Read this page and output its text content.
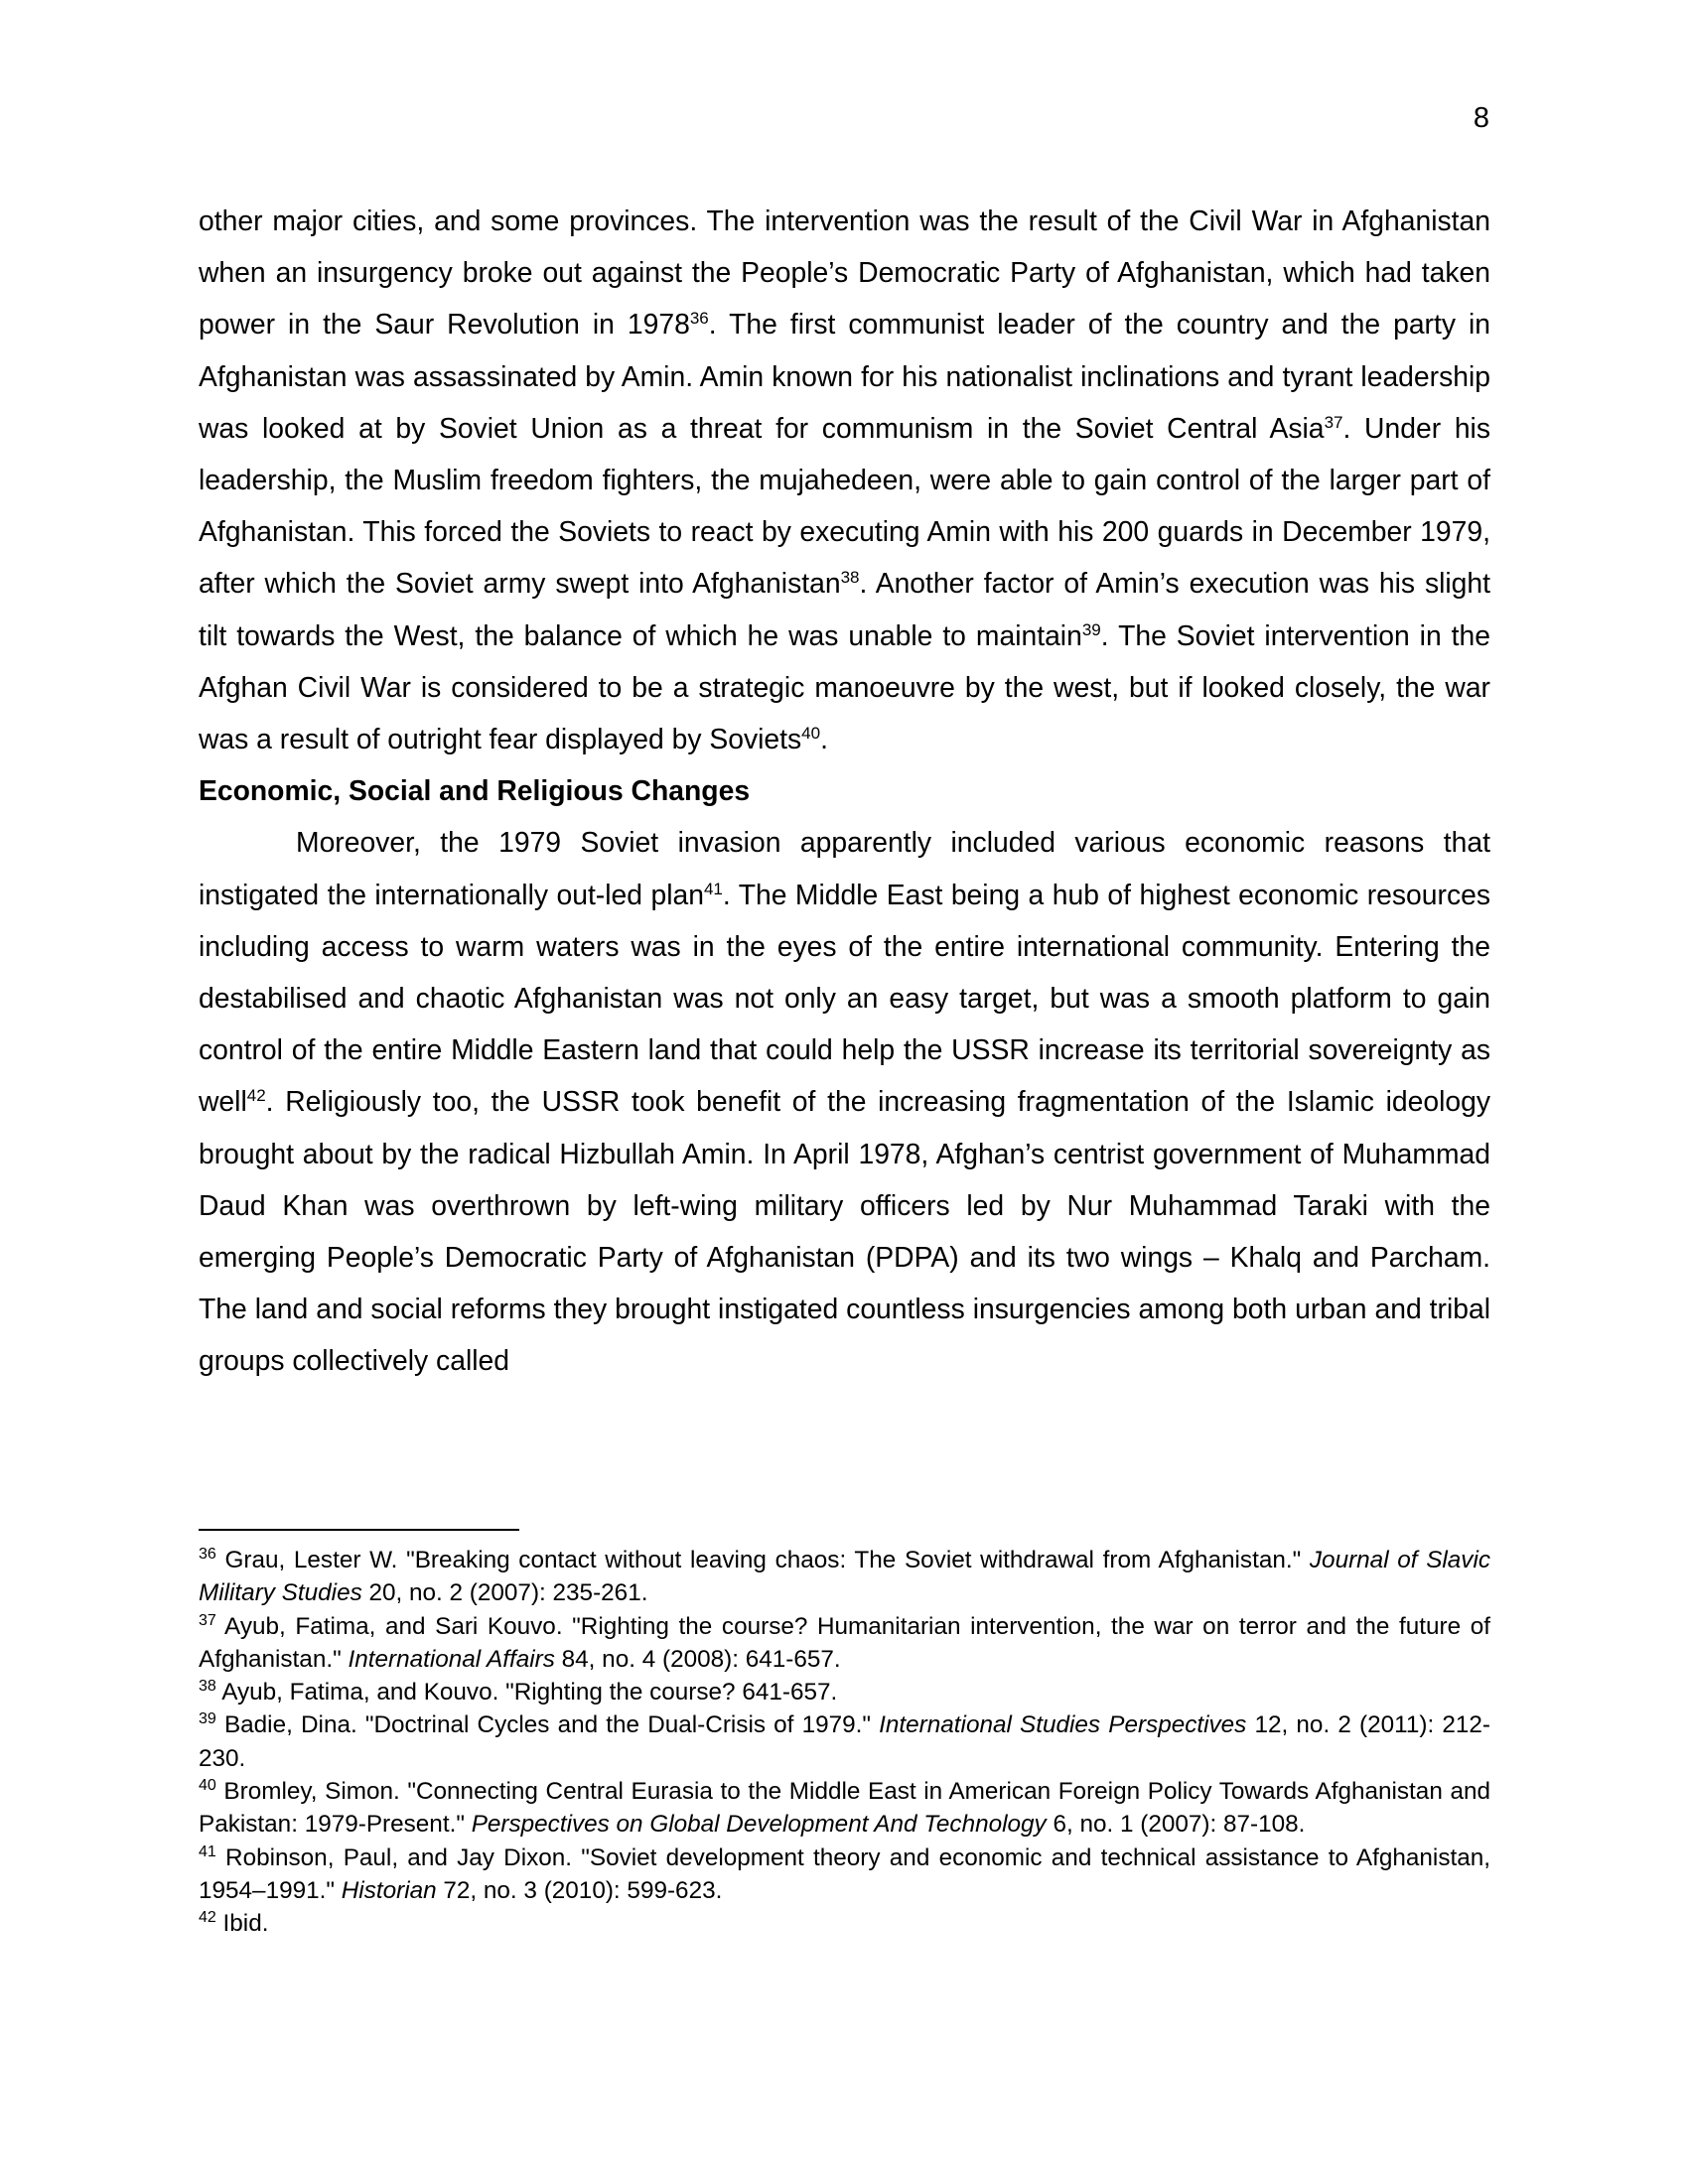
8

other major cities, and some provinces. The intervention was the result of the Civil War in Afghanistan when an insurgency broke out against the People’s Democratic Party of Afghanistan, which had taken power in the Saur Revolution in 1978$^{36}$. The first communist leader of the country and the party in Afghanistan was assassinated by Amin. Amin known for his nationalist inclinations and tyrant leadership was looked at by Soviet Union as a threat for communism in the Soviet Central Asia$^{37}$. Under his leadership, the Muslim freedom fighters, the mujahedeen, were able to gain control of the larger part of Afghanistan. This forced the Soviets to react by executing Amin with his 200 guards in December 1979, after which the Soviet army swept into Afghanistan$^{38}$. Another factor of Amin’s execution was his slight tilt towards the West, the balance of which he was unable to maintain$^{39}$. The Soviet intervention in the Afghan Civil War is considered to be a strategic manoeuvre by the west, but if looked closely, the war was a result of outright fear displayed by Soviets$^{40}$.

Economic, Social and Religious Changes

Moreover, the 1979 Soviet invasion apparently included various economic reasons that instigated the internationally out-led plan$^{41}$. The Middle East being a hub of highest economic resources including access to warm waters was in the eyes of the entire international community. Entering the destabilised and chaotic Afghanistan was not only an easy target, but was a smooth platform to gain control of the entire Middle Eastern land that could help the USSR increase its territorial sovereignty as well$^{42}$. Religiously too, the USSR took benefit of the increasing fragmentation of the Islamic ideology brought about by the radical Hizbullah Amin. In April 1978, Afghan’s centrist government of Muhammad Daud Khan was overthrown by left-wing military officers led by Nur Muhammad Taraki with the emerging People’s Democratic Party of Afghanistan (PDPA) and its two wings – Khalq and Parcham. The land and social reforms they brought instigated countless insurgencies among both urban and tribal groups collectively called

$^{36}$ Grau, Lester W. "Breaking contact without leaving chaos: The Soviet withdrawal from Afghanistan." Journal of Slavic Military Studies 20, no. 2 (2007): 235-261.

$^{37}$ Ayub, Fatima, and Sari Kouvo. "Righting the course? Humanitarian intervention, the war on terror and the future of Afghanistan." International Affairs 84, no. 4 (2008): 641-657.

$^{38}$ Ayub, Fatima, and Kouvo. "Righting the course? 641-657.

$^{39}$ Badie, Dina. "Doctrinal Cycles and the Dual-Crisis of 1979." International Studies Perspectives 12, no. 2 (2011): 212-230.

$^{40}$ Bromley, Simon. "Connecting Central Eurasia to the Middle East in American Foreign Policy Towards Afghanistan and Pakistan: 1979-Present." Perspectives on Global Development And Technology 6, no. 1 (2007): 87-108.

$^{41}$ Robinson, Paul, and Jay Dixon. "Soviet development theory and economic and technical assistance to Afghanistan, 1954–1991." Historian 72, no. 3 (2010): 599-623.

$^{42}$ Ibid.
